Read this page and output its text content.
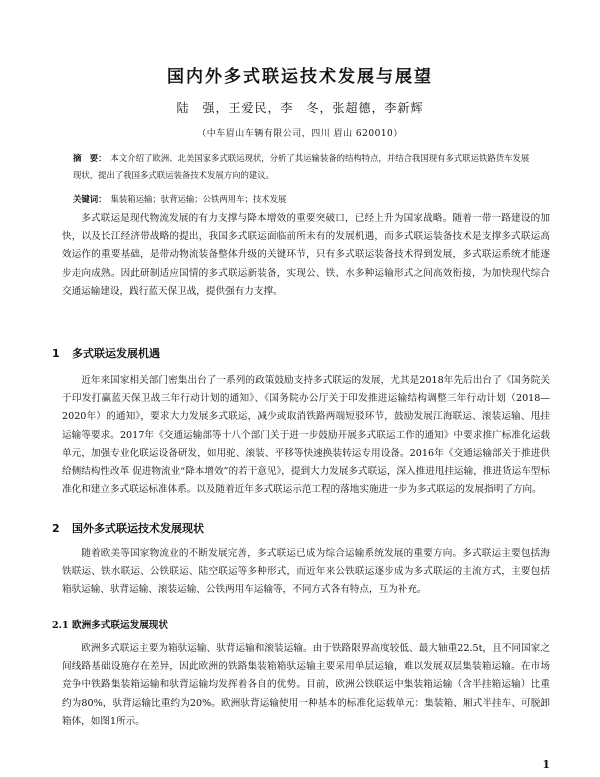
国内外多式联运技术发展与展望
陆　强，王爱民，李　冬，张超德，李新辉
（中车眉山车辆有限公司，四川 眉山 620010）
摘　要： 本文介绍了欧洲、北美国家多式联运现状，分析了其运输装备的结构特点，并结合我国现有多式联运铁路货车发展现状，提出了我国多式联运装备技术发展方向的建议。
关键词： 集装箱运输；驮背运输；公铁两用车；技术发展
多式联运是现代物流发展的有力支撑与降本增效的重要突破口，已经上升为国家战略。随着一带一路建设的加快，以及长江经济带战略的提出，我国多式联运面临前所未有的发展机遇，而多式联运装备技术是支撑多式联运高效运作的重要基础，是带动物流装备整体升级的关键环节，只有多式联运装备技术得到发展，多式联运系统才能逐步走向成熟。因此研制适应国情的多式联运新装备，实现公、铁、水多种运输形式之间高效衔接，为加快现代综合交通运输建设，践行蓝天保卫战，提供强有力支撑。
1 多式联运发展机遇
近年来国家相关部门密集出台了一系列的政策鼓励支持多式联运的发展，尤其是2018年先后出台了《国务院关于印发打赢蓝天保卫战三年行动计划的通知》、《国务院办公厅关于印发推进运输结构调整三年行动计划（2018—2020年）的通知》，要求大力发展多式联运，减少或取消铁路两端短驳环节，鼓励发展江海联运、滚装运输、甩挂运输等要求。2017年《交通运输部等十八个部门关于进一步鼓励开展多式联运工作的通知》中要求推广标准化运载单元，加强专业化联运设备研发，如用驼、滚装、平移等快速换装转运专用设备。2016年《交通运输部关于推进供给侧结构性改革 促进物流业“降本增效”的若干意见》，提到大力发展多式联运，深入推进甩挂运输，推进货运车型标准化和建立多式联运标准体系。以及随着近年多式联运示范工程的落地实施进一步为多式联运的发展指明了方向。
2 国外多式联运技术发展现状
随着欧美等国家物流业的不断发展完善，多式联运已成为综合运输系统发展的重要方向。多式联运主要包括海铁联运、铁水联运、公铁联运、陆空联运等多种形式，而近年来公铁联运逐步成为多式联运的主流方式，主要包括箱驮运输、驮背运输、滚装运输、公铁两用车运输等，不同方式各有特点，互为补充。
2.1 欧洲多式联运发展现状
欧洲多式联运主要为箱驮运输、驮背运输和滚装运输。由于铁路限界高度较低、最大轴重22.5t，且不同国家之间线路基础设施存在差异，因此欧洲的铁路集装箱箱驮运输主要采用单层运输，难以发展双层集装箱运输。在市场竞争中铁路集装箱运输和驮背运输均发挥着各自的优势。目前，欧洲公铁联运中集装箱运输（含半挂箱运输）比重约为80%，驮背运输比重约为20%。欧洲驮背运输使用一种基本的标准化运载单元：集装箱、厢式半挂车、可脱卸箱体，如图1所示。
1
